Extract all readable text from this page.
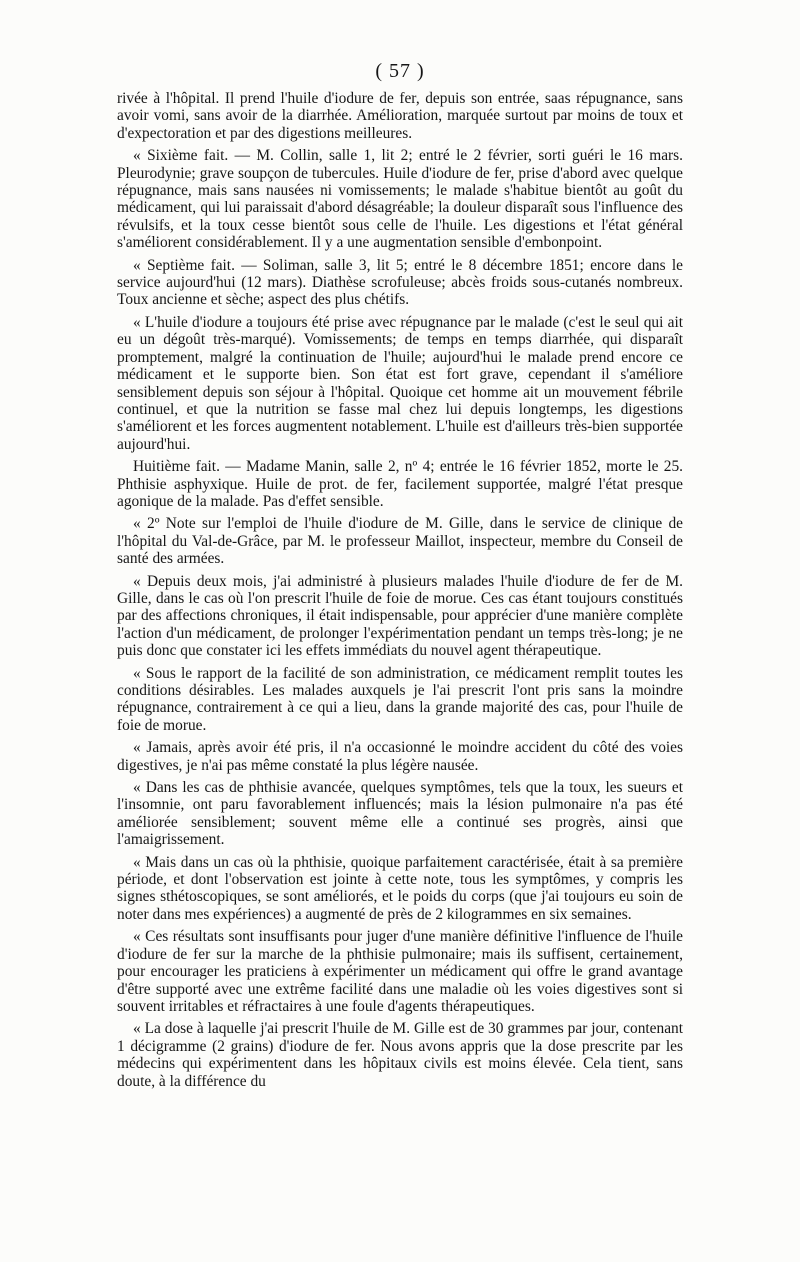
( 57 )

rivée à l'hôpital. Il prend l'huile d'iodure de fer, depuis son entrée, saas répugnance, sans avoir vomi, sans avoir de la diarrhée. Amélioration, marquée surtout par moins de toux et d'expectoration et par des digestions meilleures.

« Sixième fait. — M. Collin, salle 1, lit 2; entré le 2 février, sorti guéri le 16 mars. Pleurodynie; grave soupçon de tubercules. Huile d'iodure de fer, prise d'abord avec quelque répugnance, mais sans nausées ni vomissements; le malade s'habitue bientôt au goût du médicament, qui lui paraissait d'abord désagréable; la douleur disparaît sous l'influence des révulsifs, et la toux cesse bientôt sous celle de l'huile. Les digestions et l'état général s'améliorent considérablement. Il y a une augmentation sensible d'embonpoint.

« Septième fait. — Soliman, salle 3, lit 5; entré le 8 décembre 1851; encore dans le service aujourd'hui (12 mars). Diathèse scrofuleuse; abcès froids sous-cutanés nombreux. Toux ancienne et sèche; aspect des plus chétifs.

« L'huile d'iodure a toujours été prise avec répugnance par le malade (c'est le seul qui ait eu un dégoût très-marqué). Vomissements; de temps en temps diarrhée, qui disparaît promptement, malgré la continuation de l'huile; aujourd'hui le malade prend encore ce médicament et le supporte bien. Son état est fort grave, cependant il s'améliore sensiblement depuis son séjour à l'hôpital. Quoique cet homme ait un mouvement fébrile continuel, et que la nutrition se fasse mal chez lui depuis longtemps, les digestions s'améliorent et les forces augmentent notablement. L'huile est d'ailleurs très-bien supportée aujourd'hui.

Huitième fait. — Madame Manin, salle 2, nº 4; entrée le 16 février 1852, morte le 25. Phthisie asphyxique. Huile de prot. de fer, facilement supportée, malgré l'état presque agonique de la malade. Pas d'effet sensible.

« 2º Note sur l'emploi de l'huile d'iodure de M. Gille, dans le service de clinique de l'hôpital du Val-de-Grâce, par M. le professeur Maillot, inspecteur, membre du Conseil de santé des armées.

« Depuis deux mois, j'ai administré à plusieurs malades l'huile d'iodure de fer de M. Gille, dans le cas où l'on prescrit l'huile de foie de morue. Ces cas étant toujours constitués par des affections chroniques, il était indispensable, pour apprécier d'une manière complète l'action d'un médicament, de prolonger l'expérimentation pendant un temps très-long; je ne puis donc que constater ici les effets immédiats du nouvel agent thérapeutique.

« Sous le rapport de la facilité de son administration, ce médicament remplit toutes les conditions désirables. Les malades auxquels je l'ai prescrit l'ont pris sans la moindre répugnance, contrairement à ce qui a lieu, dans la grande majorité des cas, pour l'huile de foie de morue.

« Jamais, après avoir été pris, il n'a occasionné le moindre accident du côté des voies digestives, je n'ai pas même constaté la plus légère nausée.

« Dans les cas de phthisie avancée, quelques symptômes, tels que la toux, les sueurs et l'insomnie, ont paru favorablement influencés; mais la lésion pulmonaire n'a pas été améliorée sensiblement; souvent même elle a continué ses progrès, ainsi que l'amaigrissement.

« Mais dans un cas où la phthisie, quoique parfaitement caractérisée, était à sa première période, et dont l'observation est jointe à cette note, tous les symptômes, y compris les signes sthétoscopiques, se sont améliorés, et le poids du corps (que j'ai toujours eu soin de noter dans mes expériences) a augmenté de près de 2 kilogrammes en six semaines.

« Ces résultats sont insuffisants pour juger d'une manière définitive l'influence de l'huile d'iodure de fer sur la marche de la phthisie pulmonaire; mais ils suffisent, certainement, pour encourager les praticiens à expérimenter un médicament qui offre le grand avantage d'être supporté avec une extrême facilité dans une maladie où les voies digestives sont si souvent irritables et réfractaires à une foule d'agents thérapeutiques.

« La dose à laquelle j'ai prescrit l'huile de M. Gille est de 30 grammes par jour, contenant 1 décigramme (2 grains) d'iodure de fer. Nous avons appris que la dose prescrite par les médecins qui expérimentent dans les hôpitaux civils est moins élevée. Cela tient, sans doute, à la différence du
